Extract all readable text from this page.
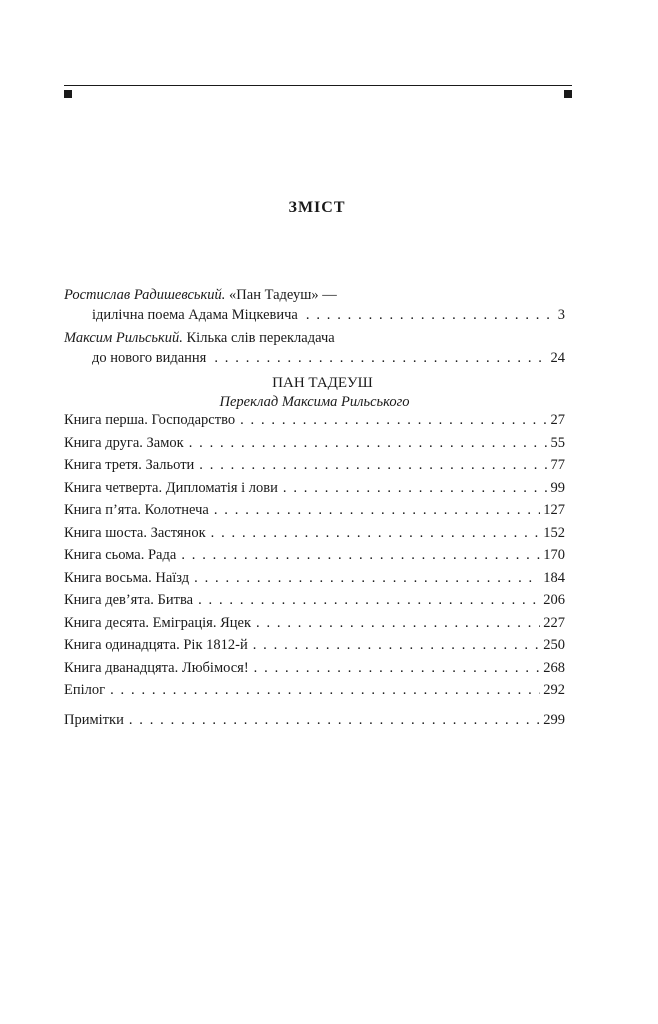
ЗМІСТ
Ростислав Радишевський. «Пан Тадеуш» —
ідилічна поема Адама Міцкевича . . .	3
Максим Рильський. Кілька слів перекладача
до нового видання . . .	24
ПАН ТАДЕУШ
Переклад Максима Рильського
Книга перша. Господарство . . .	27
Книга друга. Замок . . .	55
Книга третя. Зальоти . . .	77
Книга четверта. Дипломатія і лови . . .	99
Книга п’ята. Колотнеча . . .	127
Книга шоста. Застянок . . .	152
Книга сьома. Рада . . .	170
Книга восьма. Наїзд . . .	184
Книга дев’ята. Битва . . .	206
Книга десята. Еміграція. Яцек . . .	227
Книга одинадцята. Рік 1812-й . . .	250
Книга дванадцята. Любімося! . . .	268
Епілог . . .	292
Примітки . . .	299
